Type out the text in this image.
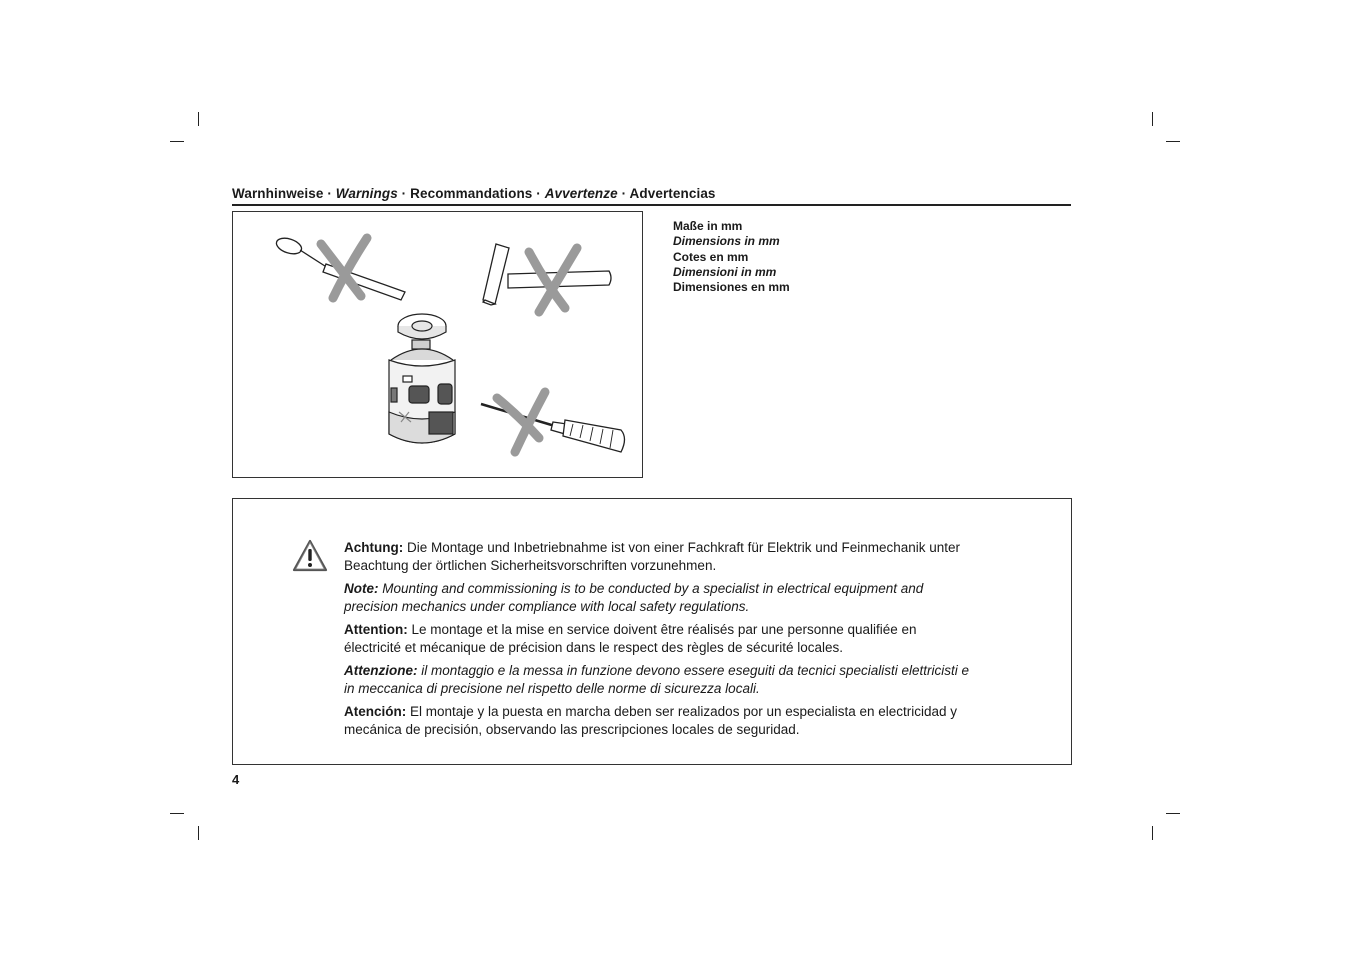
Warnhinweise · Warnings · Recommandations · Avvertenze · Advertencias
Maße in mm
Dimensions in mm
Cotes en mm
Dimensioni in mm
Dimensiones en mm

Achtung: Die Montage und Inbetriebnahme ist von einer Fachkraft für Elektrik und Feinmechanik unter Beachtung der örtlichen Sicherheitsvorschriften vorzunehmen.

Note: Mounting and commissioning is to be conducted by a specialist in electrical equipment and precision mechanics under compliance with local safety regulations.

Attention: Le montage et la mise en service doivent être réalisés par une personne qualifiée en électricité et mécanique de précision dans le respect des règles de sécurité locales.

Attenzione: il montaggio e la messa in funzione devono essere eseguiti da tecnici specialisti elettricisti e in meccanica di precisione nel rispetto delle norme di sicurezza locali.

Atención: El montaje y la puesta en marcha deben ser realizados por un especialista en electricidad y mecánica de precisión, observando las prescripciones locales de seguridad.

4
